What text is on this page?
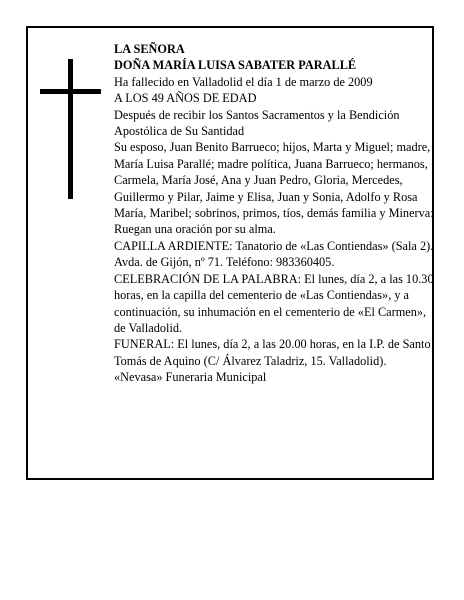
LA SEÑORA

DOÑA MARÍA LUISA SABATER PARALLÉ

Ha fallecido en Valladolid el día 1 de marzo de 2009

A LOS 49 AÑOS DE EDAD

Después de recibir los Santos Sacramentos y la Bendición Apostólica de Su Santidad

Su esposo, Juan Benito Barrueco; hijos, Marta y Miguel; madre, María Luisa Parallé; madre política, Juana Barrueco; hermanos, Carmela, María José, Ana y Juan Pedro, Gloria, Mercedes, Guillermo y Pilar, Jaime y Elisa, Juan y Sonia, Adolfo y Rosa María, Maribel; sobrinos, primos, tíos, demás familia y Minerva:

Ruegan una oración por su alma.

CAPILLA ARDIENTE: Tanatorio de «Las Contiendas» (Sala 2). Avda. de Gijón, nº 71. Teléfono: 983360405.

CELEBRACIÓN DE LA PALABRA: El lunes, día 2, a las 10.30 horas, en la capilla del cementerio de «Las Contiendas», y a continuación, su inhumación en el cementerio de «El Carmen», de Valladolid.

FUNERAL: El lunes, día 2, a las 20.00 horas, en la I.P. de Santo Tomás de Aquino (C/ Álvarez Taladriz, 15. Valladolid).

«Nevasa» Funeraria Municipal
